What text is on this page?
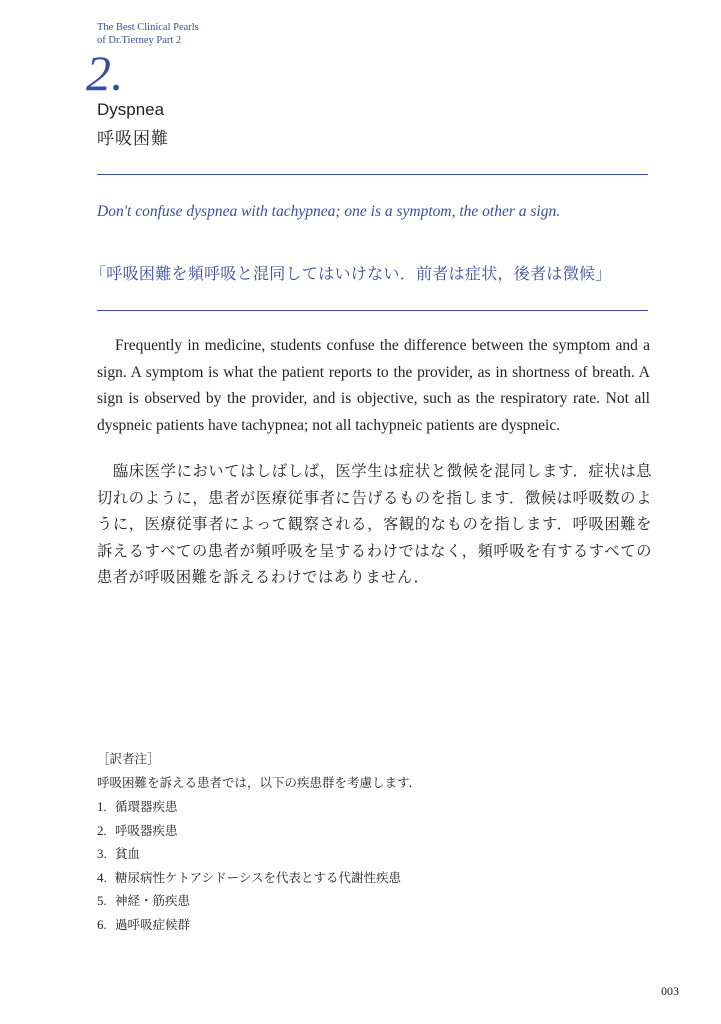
The Best Clinical Pearls
of Dr.Tierney Part 2
2.
Dyspnea
呼吸困難
Don't confuse dyspnea with tachypnea; one is a symptom, the other a sign.
「呼吸困難を頻呼吸と混同してはいけない．前者は症状，後者は徴候」

Frequently in medicine, students confuse the difference between the symptom and a sign. A symptom is what the patient reports to the provider, as in shortness of breath. A sign is observed by the provider, and is objective, such as the respiratory rate. Not all dyspneic patients have tachypnea; not all tachypneic patients are dyspneic.

臨床医学においてはしばしば，医学生は症状と徴候を混同します．症状は息切れのように，患者が医療従事者に告げるものを指します．徴候は呼吸数のように，医療従事者によって観察される，客観的なものを指します．呼吸困難を訴えるすべての患者が頻呼吸を呈するわけではなく，頻呼吸を有するすべての患者が呼吸困難を訴えるわけではありません．

［訳者注］
呼吸困難を訴える患者では，以下の疾患群を考慮します．
1. 循環器疾患
2. 呼吸器疾患
3. 貧血
4. 糖尿病性ケトアシドーシスを代表とする代謝性疾患
5. 神経・筋疾患
6. 過呼吸症候群
003
